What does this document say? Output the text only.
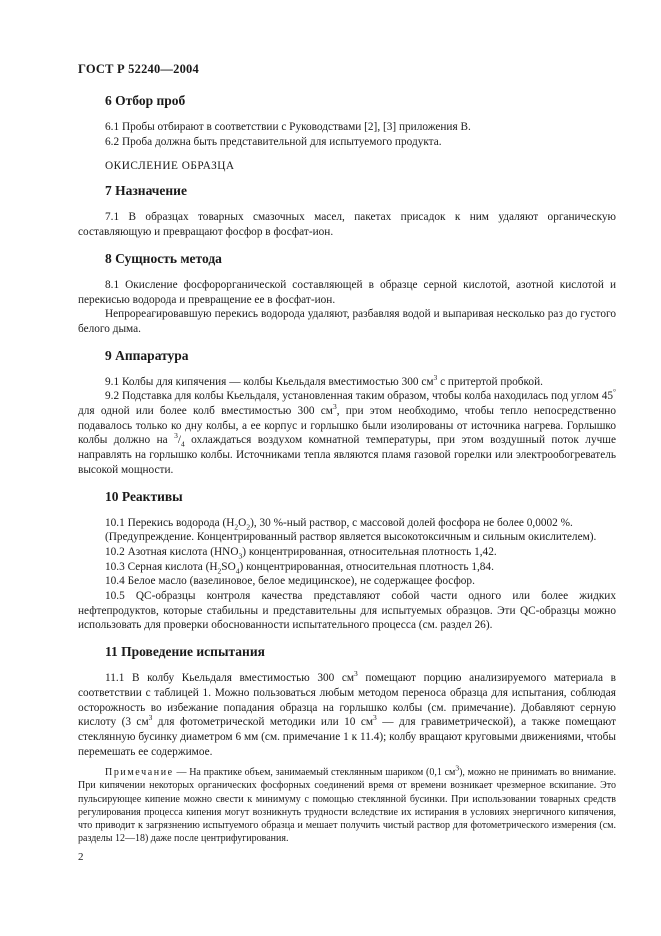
ГОСТ Р 52240—2004
6 Отбор проб

6.1 Пробы отбирают в соответствии с Руководствами [2], [3] приложения В.

6.2 Проба должна быть представительной для испытуемого продукта.

ОКИСЛЕНИЕ ОБРАЗЦА
7 Назначение

7.1 В образцах товарных смазочных масел, пакетах присадок к ним удаляют органическую составляющую и превращают фосфор в фосфат-ион.

8 Сущность метода

8.1 Окисление фосфорорганической составляющей в образце серной кислотой, азотной кислотой и перекисью водорода и превращение ее в фосфат-ион.

Непрореагировавшую перекись водорода удаляют, разбавляя водой и выпаривая несколько раз до густого белого дыма.

9 Аппаратура

9.1 Колбы для кипячения — колбы Кьельдаля вместимостью 300 $см^3$ с притертой пробкой.

9.2 Подставка для колбы Кьельдаля, установленная таким образом, чтобы колба находилась под углом 45° для одной или более колб вместимостью 300 $см^3$, при этом необходимо, чтобы тепло непосредственно подавалось только ко дну колбы, а ее корпус и горлышко были изолированы от источника нагрева. Горлышко колбы должно на $^3/_4$ охлаждаться воздухом комнатной температуры, при этом воздушный поток лучше направлять на горлышко колбы. Источниками тепла являются пламя газовой горелки или электрообогреватель высокой мощности.

10 Реактивы

10.1 Перекись водорода $(H_2O_2)$, 30 %-ный раствор, с массовой долей фосфора не более 0,0002 %.

(Предупреждение. Концентрированный раствор является высокотоксичным и сильным окислителем).

10.2 Азотная кислота $(HNO_3)$ концентрированная, относительная плотность 1,42.

10.3 Серная кислота $(H_2SO_4)$ концентрированная, относительная плотность 1,84.

10.4 Белое масло (вазелиновое, белое медицинское), не содержащее фосфор.

10.5 QC-образцы контроля качества представляют собой части одного или более жидких нефтепродуктов, которые стабильны и представительны для испытуемых образцов. Эти QC-образцы можно использовать для проверки обоснованности испытательного процесса (см. раздел 26).

11 Проведение испытания

11.1 В колбу Кьельдаля вместимостью 300 $см^3$ помещают порцию анализируемого материала в соответствии с таблицей 1. Можно пользоваться любым методом переноса образца для испытания, соблюдая осторожность во избежание попадания образца на горлышко колбы (см. примечание). Добавляют серную кислоту (3 $см^3$ для фотометрической методики или 10 $см^3$ — для гравиметрической), а также помещают стеклянную бусинку диаметром 6 мм (см. примечание 1 к 11.4); колбу вращают круговыми движениями, чтобы перемешать ее содержимое.

Примечание — На практике объем, занимаемый стеклянным шариком (0,1 $см^3$), можно не принимать во внимание. При кипячении некоторых органических фосфорных соединений время от времени возникает чрезмерное вскипание. Это пульсирующее кипение можно свести к минимуму с помощью стеклянной бусинки. При использовании товарных средств регулирования процесса кипения могут возникнуть трудности вследствие их истирания в условиях энергичного кипячения, что приводит к загрязнению испытуемого образца и мешает получить чистый раствор для фотометрического измерения (см. разделы 12—18) даже после центрифугирования.

2
